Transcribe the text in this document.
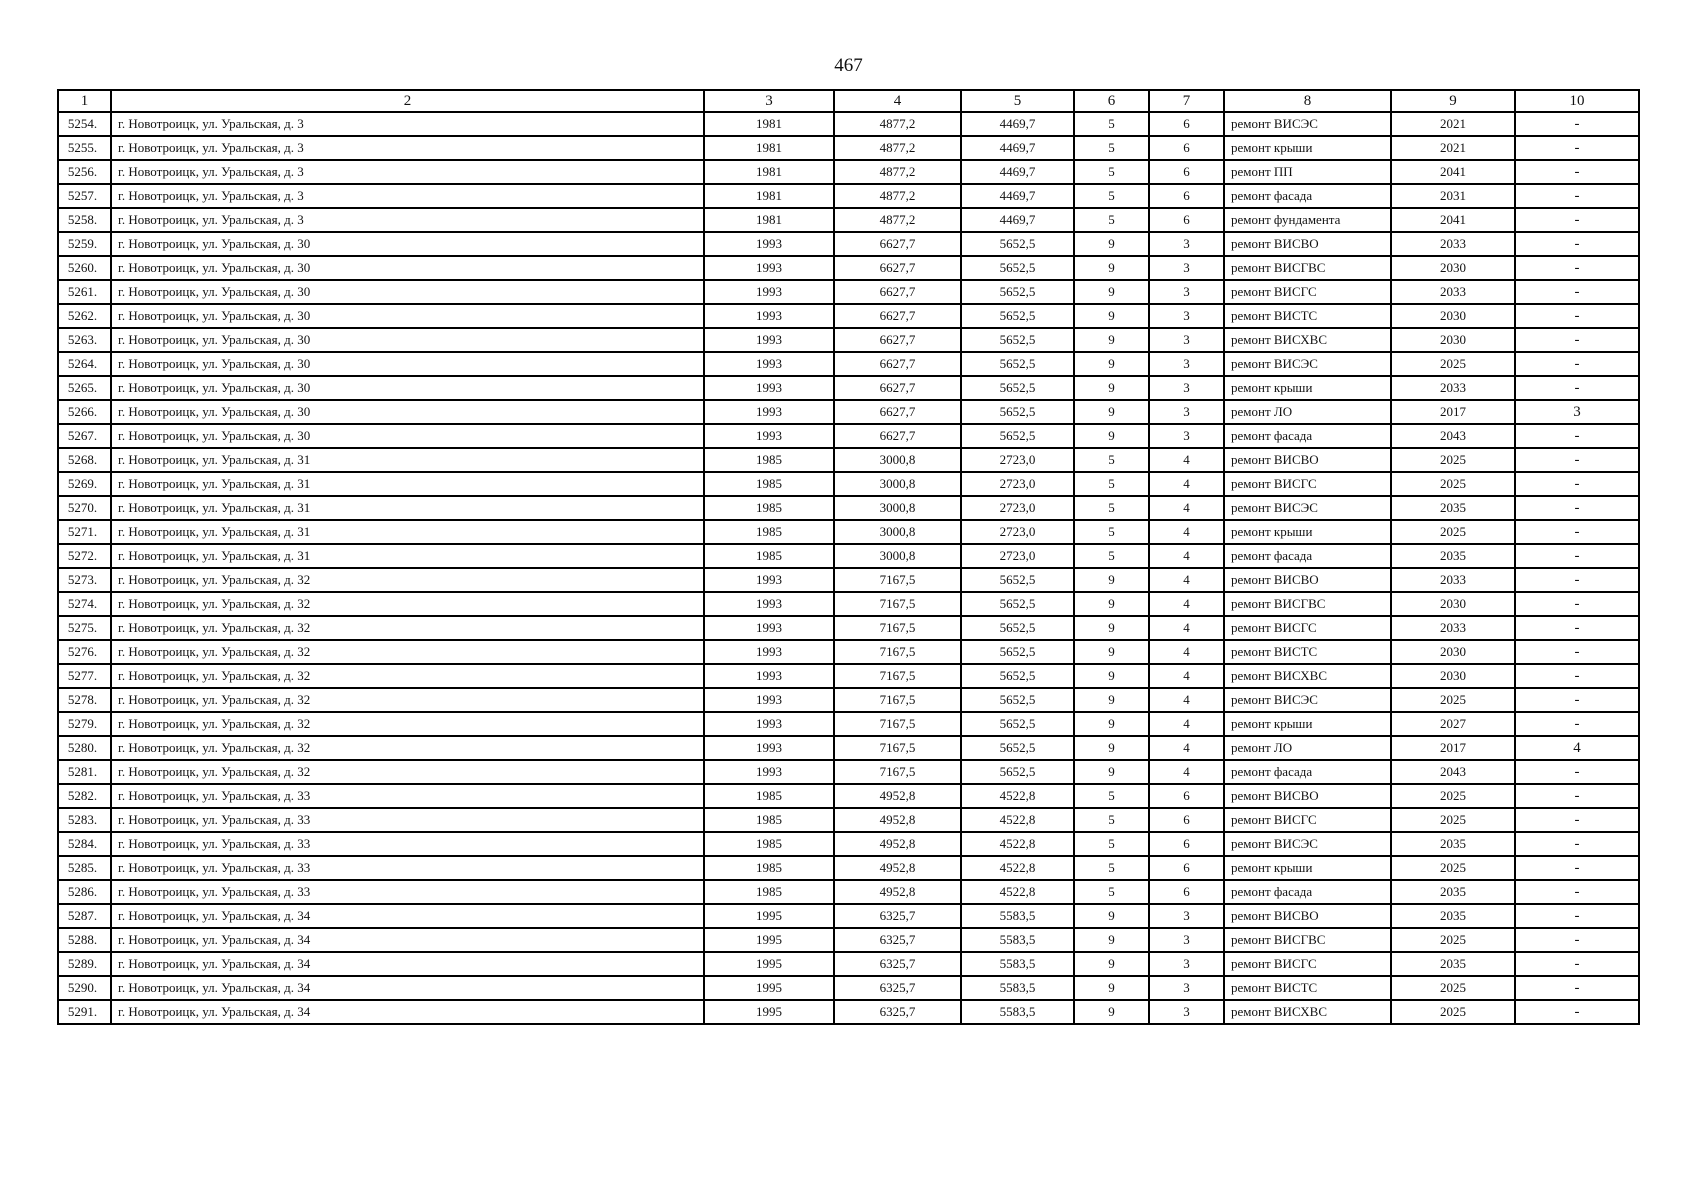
467
1	2	3	4	5	6	7	8	9	10
5254.	г. Новотроицк, ул. Уральская, д. 3	1981	4877,2	4469,7	5	6	ремонт ВИСЭС	2021	-
5255.	г. Новотроицк, ул. Уральская, д. 3	1981	4877,2	4469,7	5	6	ремонт крыши	2021	-
5256.	г. Новотроицк, ул. Уральская, д. 3	1981	4877,2	4469,7	5	6	ремонт ПП	2041	-
5257.	г. Новотроицк, ул. Уральская, д. 3	1981	4877,2	4469,7	5	6	ремонт фасада	2031	-
5258.	г. Новотроицк, ул. Уральская, д. 3	1981	4877,2	4469,7	5	6	ремонт фундамента	2041	-
5259.	г. Новотроицк, ул. Уральская, д. 30	1993	6627,7	5652,5	9	3	ремонт ВИСВО	2033	-
5260.	г. Новотроицк, ул. Уральская, д. 30	1993	6627,7	5652,5	9	3	ремонт ВИСГВС	2030	-
5261.	г. Новотроицк, ул. Уральская, д. 30	1993	6627,7	5652,5	9	3	ремонт ВИСГС	2033	-
5262.	г. Новотроицк, ул. Уральская, д. 30	1993	6627,7	5652,5	9	3	ремонт ВИСТС	2030	-
5263.	г. Новотроицк, ул. Уральская, д. 30	1993	6627,7	5652,5	9	3	ремонт ВИСХВС	2030	-
5264.	г. Новотроицк, ул. Уральская, д. 30	1993	6627,7	5652,5	9	3	ремонт ВИСЭС	2025	-
5265.	г. Новотроицк, ул. Уральская, д. 30	1993	6627,7	5652,5	9	3	ремонт крыши	2033	-
5266.	г. Новотроицк, ул. Уральская, д. 30	1993	6627,7	5652,5	9	3	ремонт ЛО	2017	3
5267.	г. Новотроицк, ул. Уральская, д. 30	1993	6627,7	5652,5	9	3	ремонт фасада	2043	-
5268.	г. Новотроицк, ул. Уральская, д. 31	1985	3000,8	2723,0	5	4	ремонт ВИСВО	2025	-
5269.	г. Новотроицк, ул. Уральская, д. 31	1985	3000,8	2723,0	5	4	ремонт ВИСГС	2025	-
5270.	г. Новотроицк, ул. Уральская, д. 31	1985	3000,8	2723,0	5	4	ремонт ВИСЭС	2035	-
5271.	г. Новотроицк, ул. Уральская, д. 31	1985	3000,8	2723,0	5	4	ремонт крыши	2025	-
5272.	г. Новотроицк, ул. Уральская, д. 31	1985	3000,8	2723,0	5	4	ремонт фасада	2035	-
5273.	г. Новотроицк, ул. Уральская, д. 32	1993	7167,5	5652,5	9	4	ремонт ВИСВО	2033	-
5274.	г. Новотроицк, ул. Уральская, д. 32	1993	7167,5	5652,5	9	4	ремонт ВИСГВС	2030	-
5275.	г. Новотроицк, ул. Уральская, д. 32	1993	7167,5	5652,5	9	4	ремонт ВИСГС	2033	-
5276.	г. Новотроицк, ул. Уральская, д. 32	1993	7167,5	5652,5	9	4	ремонт ВИСТС	2030	-
5277.	г. Новотроицк, ул. Уральская, д. 32	1993	7167,5	5652,5	9	4	ремонт ВИСХВС	2030	-
5278.	г. Новотроицк, ул. Уральская, д. 32	1993	7167,5	5652,5	9	4	ремонт ВИСЭС	2025	-
5279.	г. Новотроицк, ул. Уральская, д. 32	1993	7167,5	5652,5	9	4	ремонт крыши	2027	-
5280.	г. Новотроицк, ул. Уральская, д. 32	1993	7167,5	5652,5	9	4	ремонт ЛО	2017	4
5281.	г. Новотроицк, ул. Уральская, д. 32	1993	7167,5	5652,5	9	4	ремонт фасада	2043	-
5282.	г. Новотроицк, ул. Уральская, д. 33	1985	4952,8	4522,8	5	6	ремонт ВИСВО	2025	-
5283.	г. Новотроицк, ул. Уральская, д. 33	1985	4952,8	4522,8	5	6	ремонт ВИСГС	2025	-
5284.	г. Новотроицк, ул. Уральская, д. 33	1985	4952,8	4522,8	5	6	ремонт ВИСЭС	2035	-
5285.	г. Новотроицк, ул. Уральская, д. 33	1985	4952,8	4522,8	5	6	ремонт крыши	2025	-
5286.	г. Новотроицк, ул. Уральская, д. 33	1985	4952,8	4522,8	5	6	ремонт фасада	2035	-
5287.	г. Новотроицк, ул. Уральская, д. 34	1995	6325,7	5583,5	9	3	ремонт ВИСВО	2035	-
5288.	г. Новотроицк, ул. Уральская, д. 34	1995	6325,7	5583,5	9	3	ремонт ВИСГВС	2025	-
5289.	г. Новотроицк, ул. Уральская, д. 34	1995	6325,7	5583,5	9	3	ремонт ВИСГС	2035	-
5290.	г. Новотроицк, ул. Уральская, д. 34	1995	6325,7	5583,5	9	3	ремонт ВИСТС	2025	-
5291.	г. Новотроицк, ул. Уральская, д. 34	1995	6325,7	5583,5	9	3	ремонт ВИСХВС	2025	-
